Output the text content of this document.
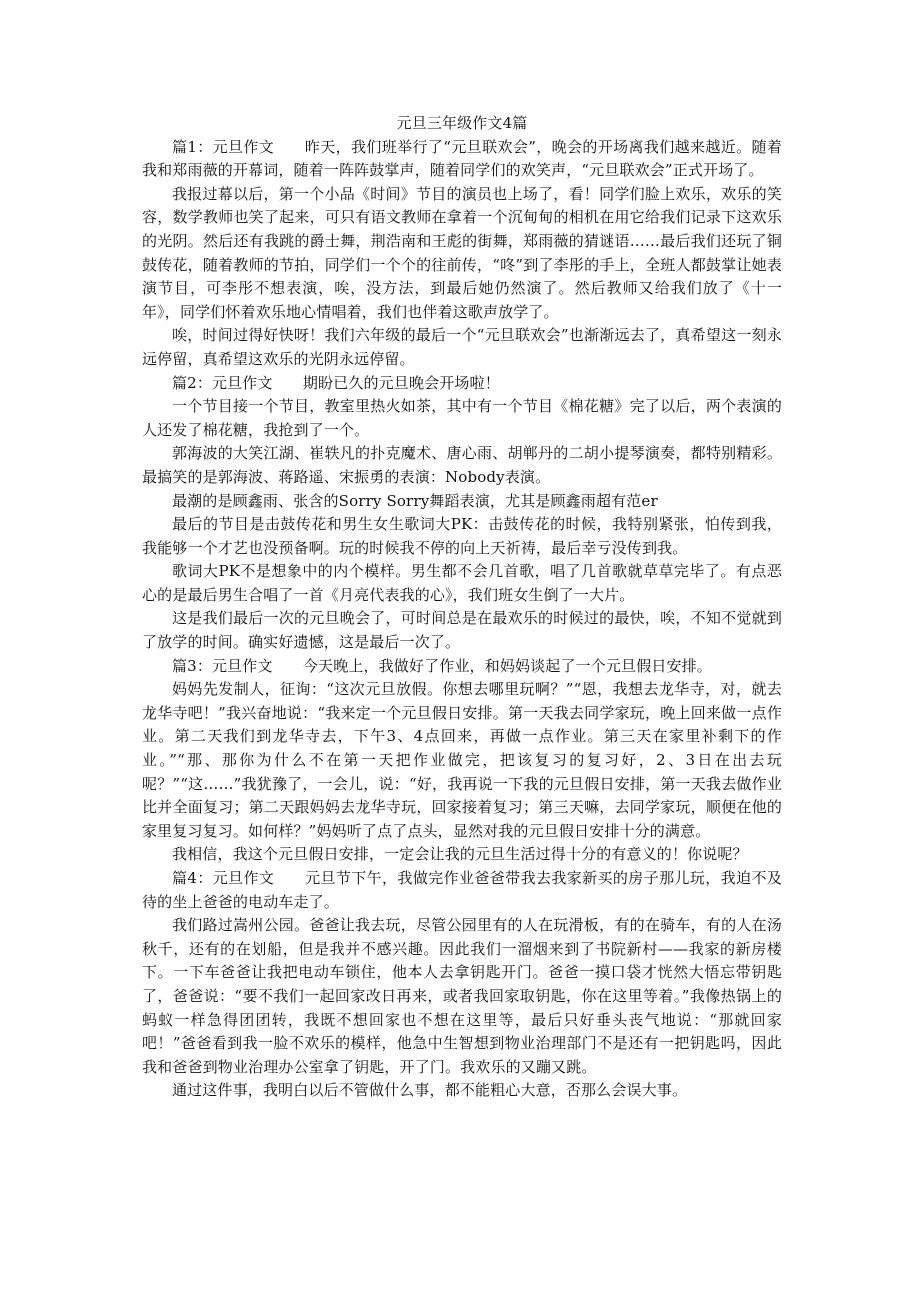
元旦三年级作文4篇

篇1：元旦作文　　昨天，我们班举行了“元旦联欢会”，晚会的开场离我们越来越近。随着我和郑雨薇的开幕词，随着一阵阵鼓掌声，随着同学们的欢笑声，“元旦联欢会”正式开场了。

我报过幕以后，第一个小品《时间》节目的演员也上场了，看！同学们脸上欢乐，欢乐的笑容，数学教师也笑了起来，可只有语文教师在拿着一个沉甸甸的相机在用它给我们记录下这欢乐的光阴。然后还有我跳的爵士舞，荆浩南和王彪的街舞，郑雨薇的猜谜语……最后我们还玩了铜鼓传花，随着教师的节拍，同学们一个个的往前传，“咚”到了李彤的手上，全班人都鼓掌让她表演节目，可李彤不想表演，唉，没方法，到最后她仍然演了。然后教师又给我们放了《十一年》，同学们怀着欢乐地心情唱着，我们也伴着这歌声放学了。

唉，时间过得好快呀！我们六年级的最后一个“元旦联欢会”也渐渐远去了，真希望这一刻永远停留，真希望这欢乐的光阴永远停留。

篇2：元旦作文　　期盼已久的元旦晚会开场啦！

一个节目接一个节目，教室里热火如茶，其中有一个节目《棉花糖》完了以后，两个表演的人还发了棉花糖，我抢到了一个。

郭海波的大笑江湖、崔轶凡的扑克魔术、唐心雨、胡郸丹的二胡小提琴演奏，都特别精彩。最搞笑的是郭海波、蒋路遥、宋振勇的表演：Nobody表演。

最潮的是顾鑫雨、张含的Sorry Sorry舞蹈表演，尤其是顾鑫雨超有范er

最后的节目是击鼓传花和男生女生歌词大PK：击鼓传花的时候，我特别紧张，怕传到我，我能够一个才艺也没预备啊。玩的时候我不停的向上天祈祷，最后幸亏没传到我。

歌词大PK不是想象中的内个模样。男生都不会几首歌，唱了几首歌就草草完毕了。有点恶心的是最后男生合唱了一首《月亮代表我的心》，我们班女生倒了一大片。

这是我们最后一次的元旦晚会了，可时间总是在最欢乐的时候过的最快，唉，不知不觉就到了放学的时间。确实好遗憾，这是最后一次了。

篇3：元旦作文　　今天晚上，我做好了作业，和妈妈谈起了一个元旦假日安排。

妈妈先发制人，征询：“这次元旦放假。你想去哪里玩啊？”“恩，我想去龙华寺，对，就去龙华寺吧！”我兴奋地说：“我来定一个元旦假日安排。第一天我去同学家玩，晚上回来做一点作业。第二天我们到龙华寺去，下午3、4点回来，再做一点作业。第三天在家里补剩下的作业。”“那、那你为什么不在第一天把作业做完，把该复习的复习好，2、3日在出去玩呢？”“这……”我犹豫了，一会儿，说：“好，我再说一下我的元旦假日安排，第一天我去做作业比并全面复习；第二天跟妈妈去龙华寺玩，回家接着复习；第三天嘛，去同学家玩，顺便在他的家里复习复习。如何样？”妈妈听了点了点头，显然对我的元旦假日安排十分的满意。

我相信，我这个元旦假日安排，一定会让我的元旦生活过得十分的有意义的！你说呢？

篇4：元旦作文　　元旦节下午，我做完作业爸爸带我去我家新买的房子那儿玩，我迫不及待的坐上爸爸的电动车走了。

我们路过嵩州公园。爸爸让我去玩，尽管公园里有的人在玩滑板，有的在骑车，有的人在汤秋千，还有的在划船，但是我并不感兴趣。因此我们一溜烟来到了书院新村——我家的新房楼下。一下车爸爸让我把电动车锁住，他本人去拿钥匙开门。爸爸一摸口袋才恍然大悟忘带钥匙了，爸爸说：“要不我们一起回家改日再来，或者我回家取钥匙，你在这里等着。”我像热锅上的蚂蚁一样急得团团转，我既不想回家也不想在这里等，最后只好垂头丧气地说：“那就回家吧！”爸爸看到我一脸不欢乐的模样，他急中生智想到物业治理部门不是还有一把钥匙吗，因此我和爸爸到物业治理办公室拿了钥匙，开了门。我欢乐的又蹦又跳。

通过这件事，我明白以后不管做什么事，都不能粗心大意，否那么会误大事。
